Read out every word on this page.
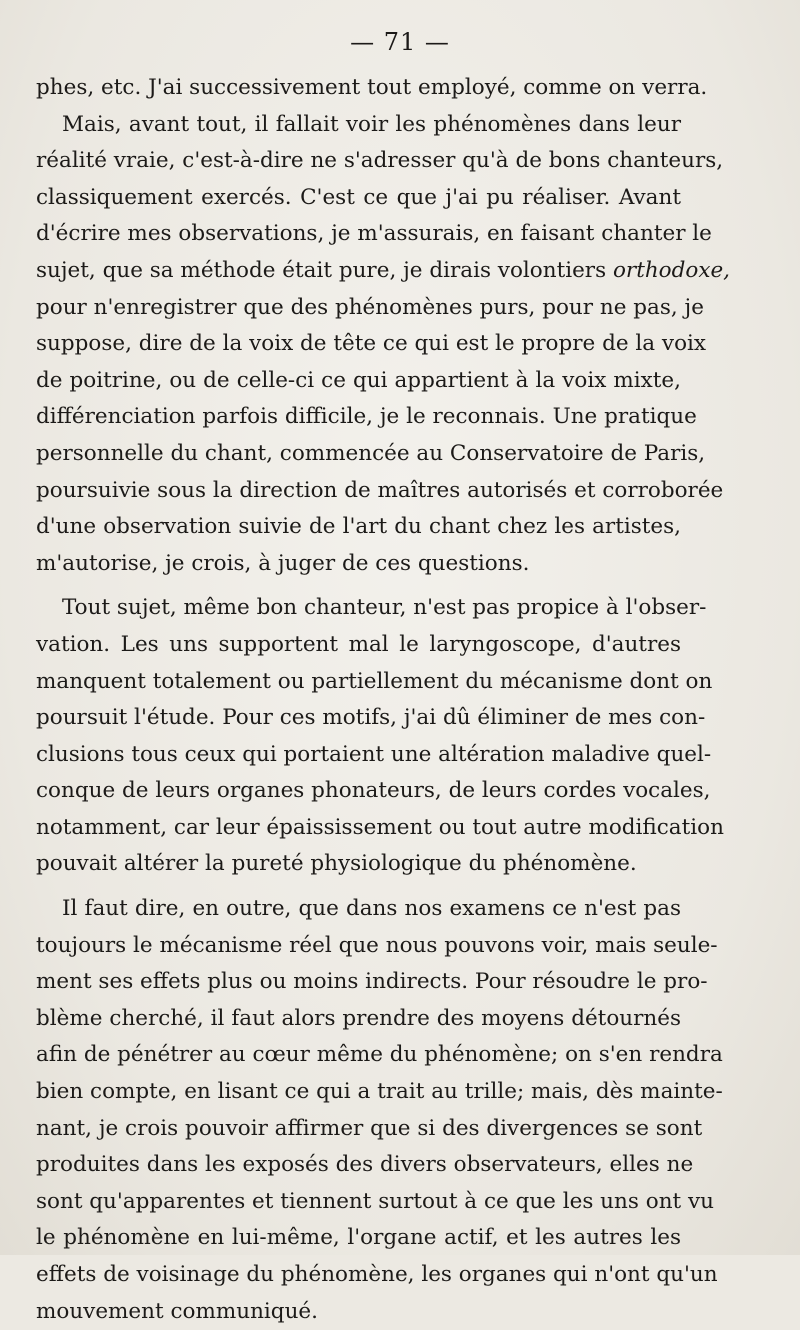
— 71 —
phes, etc. J'ai successivement tout employé, comme on verra.
Mais, avant tout, il fallait voir les phénomènes dans leur
réalité vraie, c'est-à-dire ne s'adresser qu'à de bons chanteurs,
classiquement exercés. C'est ce que j'ai pu réaliser. Avant
d'écrire mes observations, je m'assurais, en faisant chanter le
sujet, que sa méthode était pure, je dirais volontiers orthodoxe,
pour n'enregistrer que des phénomènes purs, pour ne pas, je
suppose, dire de la voix de tête ce qui est le propre de la voix
de poitrine, ou de celle-ci ce qui appartient à la voix mixte,
différenciation parfois difficile, je le reconnais. Une pratique
personnelle du chant, commencée au Conservatoire de Paris,
poursuivie sous la direction de maîtres autorisés et corroborée
d'une observation suivie de l'art du chant chez les artistes,
m'autorise, je crois, à juger de ces questions.
Tout sujet, même bon chanteur, n'est pas propice à l'obser-
vation. Les uns supportent mal le laryngoscope, d'autres
manquent totalement ou partiellement du mécanisme dont on
poursuit l'étude. Pour ces motifs, j'ai dû éliminer de mes con-
clusions tous ceux qui portaient une altération maladive quel-
conque de leurs organes phonateurs, de leurs cordes vocales,
notamment, car leur épaississement ou tout autre modification
pouvait altérer la pureté physiologique du phénomène.
Il faut dire, en outre, que dans nos examens ce n'est pas
toujours le mécanisme réel que nous pouvons voir, mais seule-
ment ses effets plus ou moins indirects. Pour résoudre le pro-
blème cherché, il faut alors prendre des moyens détournés
afin de pénétrer au cœur même du phénomène; on s'en rendra
bien compte, en lisant ce qui a trait au trille; mais, dès mainte-
nant, je crois pouvoir affirmer que si des divergences se sont
produites dans les exposés des divers observateurs, elles ne
sont qu'apparentes et tiennent surtout à ce que les uns ont vu
le phénomène en lui-même, l'organe actif, et les autres les
effets de voisinage du phénomène, les organes qui n'ont qu'un
mouvement communiqué.
